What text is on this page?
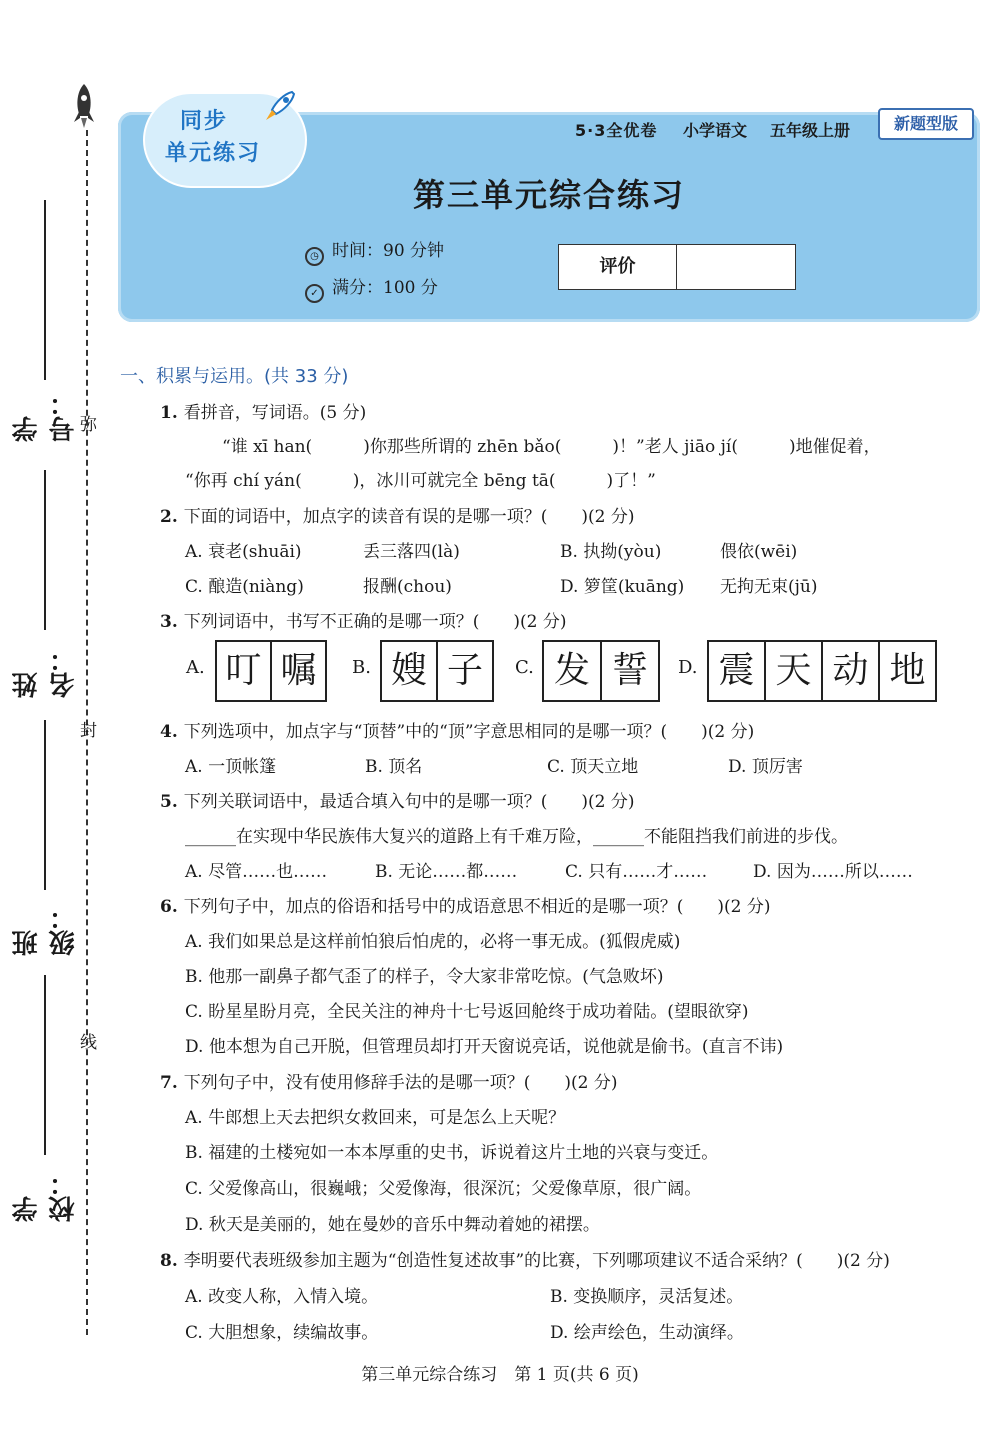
弥
封
线
学号：
姓名：
班级：
学校：
同步
单元练习
5·3全优卷 小学语文 五年级上册	新题型版
第三单元综合练习
◷ 时间：90 分钟
✓ 满分：100 分
评价
一、积累与运用。(共 33 分)
1. 看拼音，写词语。(5 分)
“谁 xī han(　　　)你那些所谓的 zhēn bǎo(　　　)！”老人 jiāo jí(　　　)地催促着，
“你再 chí yán(　　　)，冰川可就完全 bēng tā(　　　)了！”
2. 下面的词语中，加点字的读音有误的是哪一项？(　　)(2 分)
A. 衰老(shuāi)	丢三落四(là)	B. 执拗(yòu)	偎依(wēi)
C. 酿造(niàng)	报酬(chou)	D. 箩筐(kuāng) 无拘无束(jū)
3. 下列词语中，书写不正确的是哪一项？(　　)(2 分)
A. 叮 嘱	B. 嫂 子	C. 发 誓	D. 震 天 动 地
4. 下列选项中，加点字与“顶替”中的“顶”字意思相同的是哪一项？(　　)(2 分)
A. 一顶帐篷	B. 顶名	C. 顶天立地	D. 顶厉害
5. 下列关联词语中，最适合填入句中的是哪一项？(　　)(2 分)
______在实现中华民族伟大复兴的道路上有千难万险，______不能阻挡我们前进的步伐。
A. 尽管……也……	B. 无论……都……	C. 只有……才……	D. 因为……所以……
6. 下列句子中，加点的俗语和括号中的成语意思不相近的是哪一项？(　　)(2 分)
A. 我们如果总是这样前怕狼后怕虎的，必将一事无成。(狐假虎威)
B. 他那一副鼻子都气歪了的样子，令大家非常吃惊。(气急败坏)
C. 盼星星盼月亮，全民关注的神舟十七号返回舱终于成功着陆。(望眼欲穿)
D. 他本想为自己开脱，但管理员却打开天窗说亮话，说他就是偷书。(直言不讳)
7. 下列句子中，没有使用修辞手法的是哪一项？(　　)(2 分)
A. 牛郎想上天去把织女救回来，可是怎么上天呢？
B. 福建的土楼宛如一本本厚重的史书，诉说着这片土地的兴衰与变迁。
C. 父爱像高山，很巍峨；父爱像海，很深沉；父爱像草原，很广阔。
D. 秋天是美丽的，她在曼妙的音乐中舞动着她的裙摆。
8. 李明要代表班级参加主题为“创造性复述故事”的比赛，下列哪项建议不适合采纳？(　　)(2 分)
A. 改变人称，入情入境。	B. 变换顺序，灵活复述。
C. 大胆想象，续编故事。	D. 绘声绘色，生动演绎。
第三单元综合练习　第 1 页(共 6 页)
